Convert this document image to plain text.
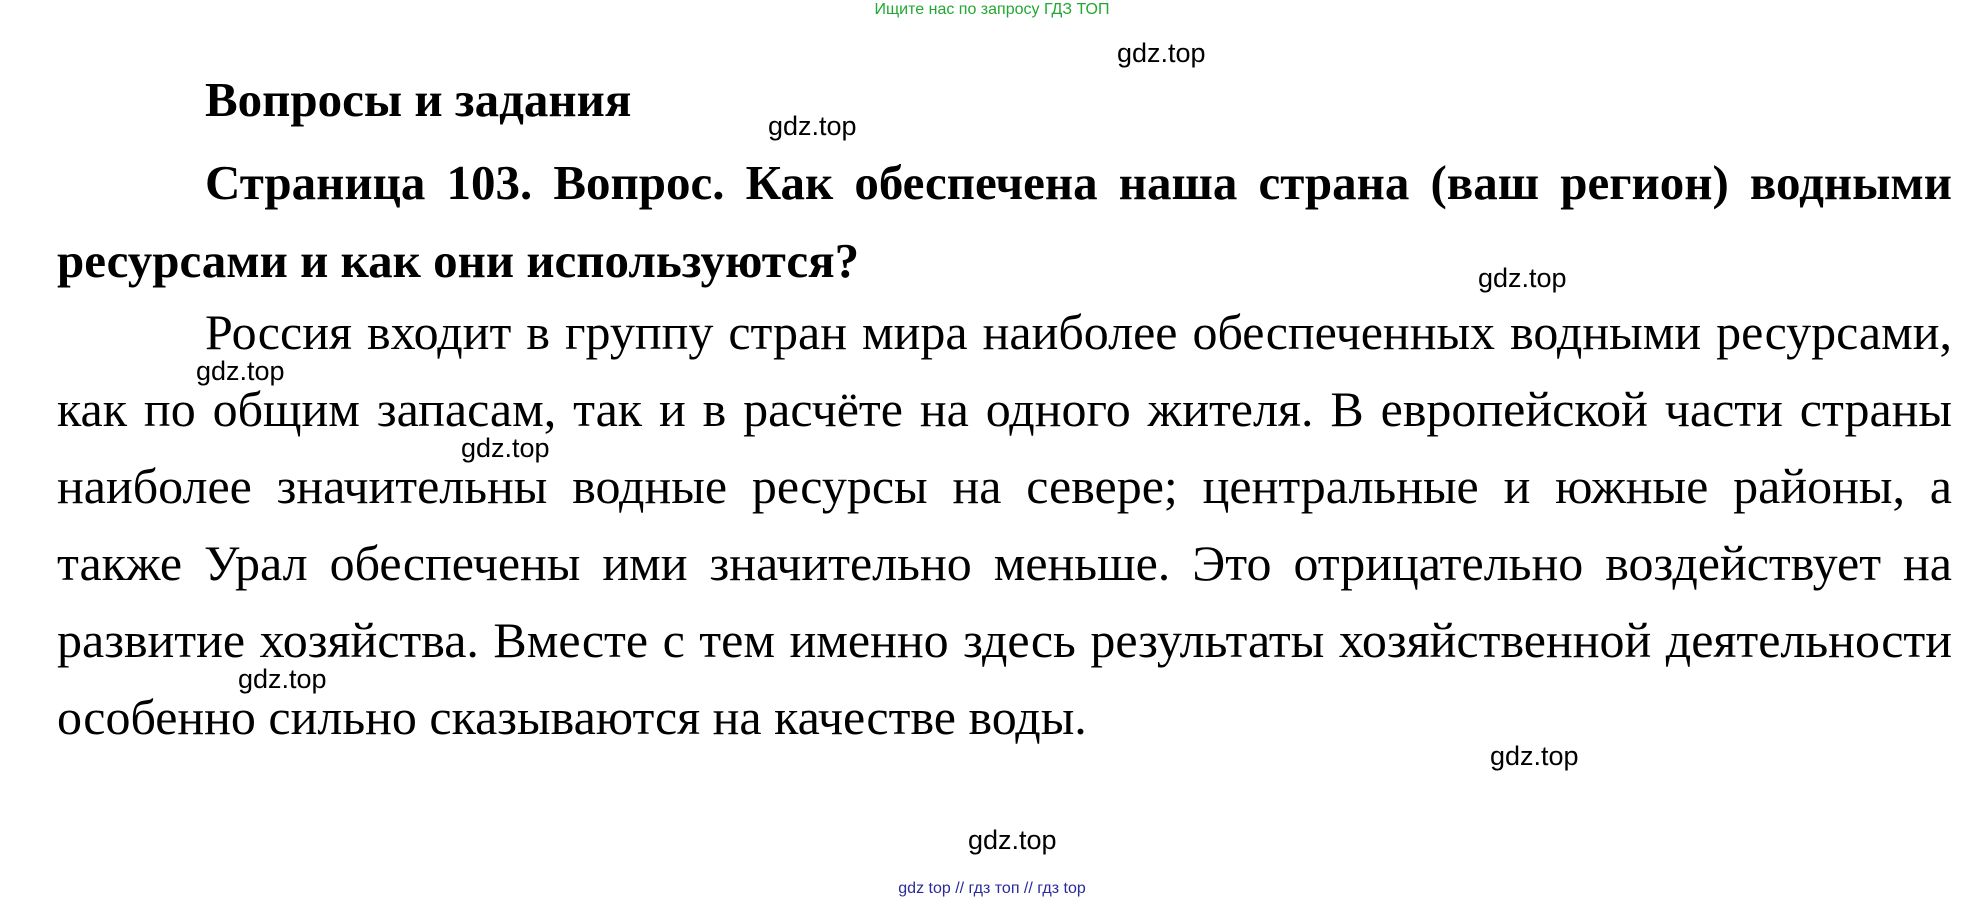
Ищите нас по запросу ГДЗ ТОП
Вопросы и задания

Страница 103. Вопрос. Как обеспечена наша страна (ваш регион) водными ресурсами и как они используются?

Россия входит в группу стран мира наиболее обеспеченных водными ресурсами, как по общим запасам, так и в расчёте на одного жителя. В европейской части страны наиболее значительны водные ресурсы на севере; центральные и южные районы, а также Урал обеспечены ими значительно меньше. Это отрицательно воздействует на развитие хозяйства. Вместе с тем именно здесь результаты хозяйственной деятельности особенно сильно сказываются на качестве воды.

gdz.top
gdz.top
gdz.top
gdz.top
gdz.top
gdz.top
gdz.top
gdz.top
gdz top // гдз топ // гдз top
